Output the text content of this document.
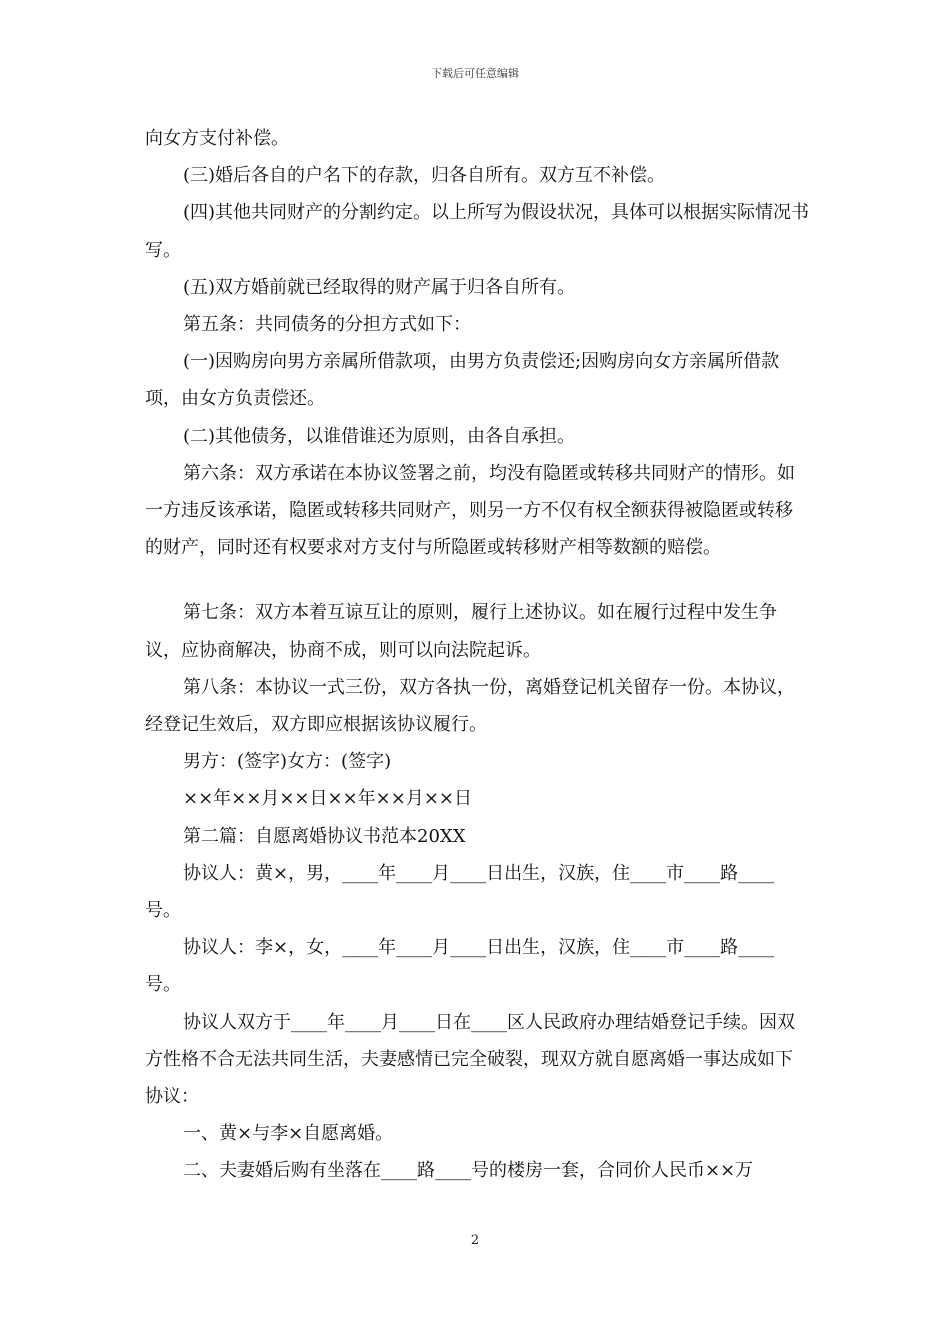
下载后可任意编辑

向女方支付补偿。

(三)婚后各自的户名下的存款，归各自所有。双方互不补偿。

(四)其他共同财产的分割约定。以上所写为假设状况，具体可以根据实际情况书写。

(五)双方婚前就已经取得的财产属于归各自所有。

第五条：共同债务的分担方式如下：

(一)因购房向男方亲属所借款项，由男方负责偿还;因购房向女方亲属所借款项，由女方负责偿还。

(二)其他债务，以谁借谁还为原则，由各自承担。

第六条：双方承诺在本协议签署之前，均没有隐匿或转移共同财产的情形。如一方违反该承诺，隐匿或转移共同财产，则另一方不仅有权全额获得被隐匿或转移的财产，同时还有权要求对方支付与所隐匿或转移财产相等数额的赔偿。

第七条：双方本着互谅互让的原则，履行上述协议。如在履行过程中发生争议，应协商解决，协商不成，则可以向法院起诉。

第八条：本协议一式三份，双方各执一份，离婚登记机关留存一份。本协议，经登记生效后，双方即应根据该协议履行。

男方：(签字)女方：(签字)

××年××月××日××年××月××日

第二篇：自愿离婚协议书范本20XX

协议人：黄×，男，____年____月____日出生，汉族，住____市____路____号。

协议人：李×，女，____年____月____日出生，汉族，住____市____路____号。

协议人双方于____年____月____日在____区人民政府办理结婚登记手续。因双方性格不合无法共同生活，夫妻感情已完全破裂，现双方就自愿离婚一事达成如下协议：

一、黄×与李×自愿离婚。

二、夫妻婚后购有坐落在____路____号的楼房一套，合同价人民币××万

2
